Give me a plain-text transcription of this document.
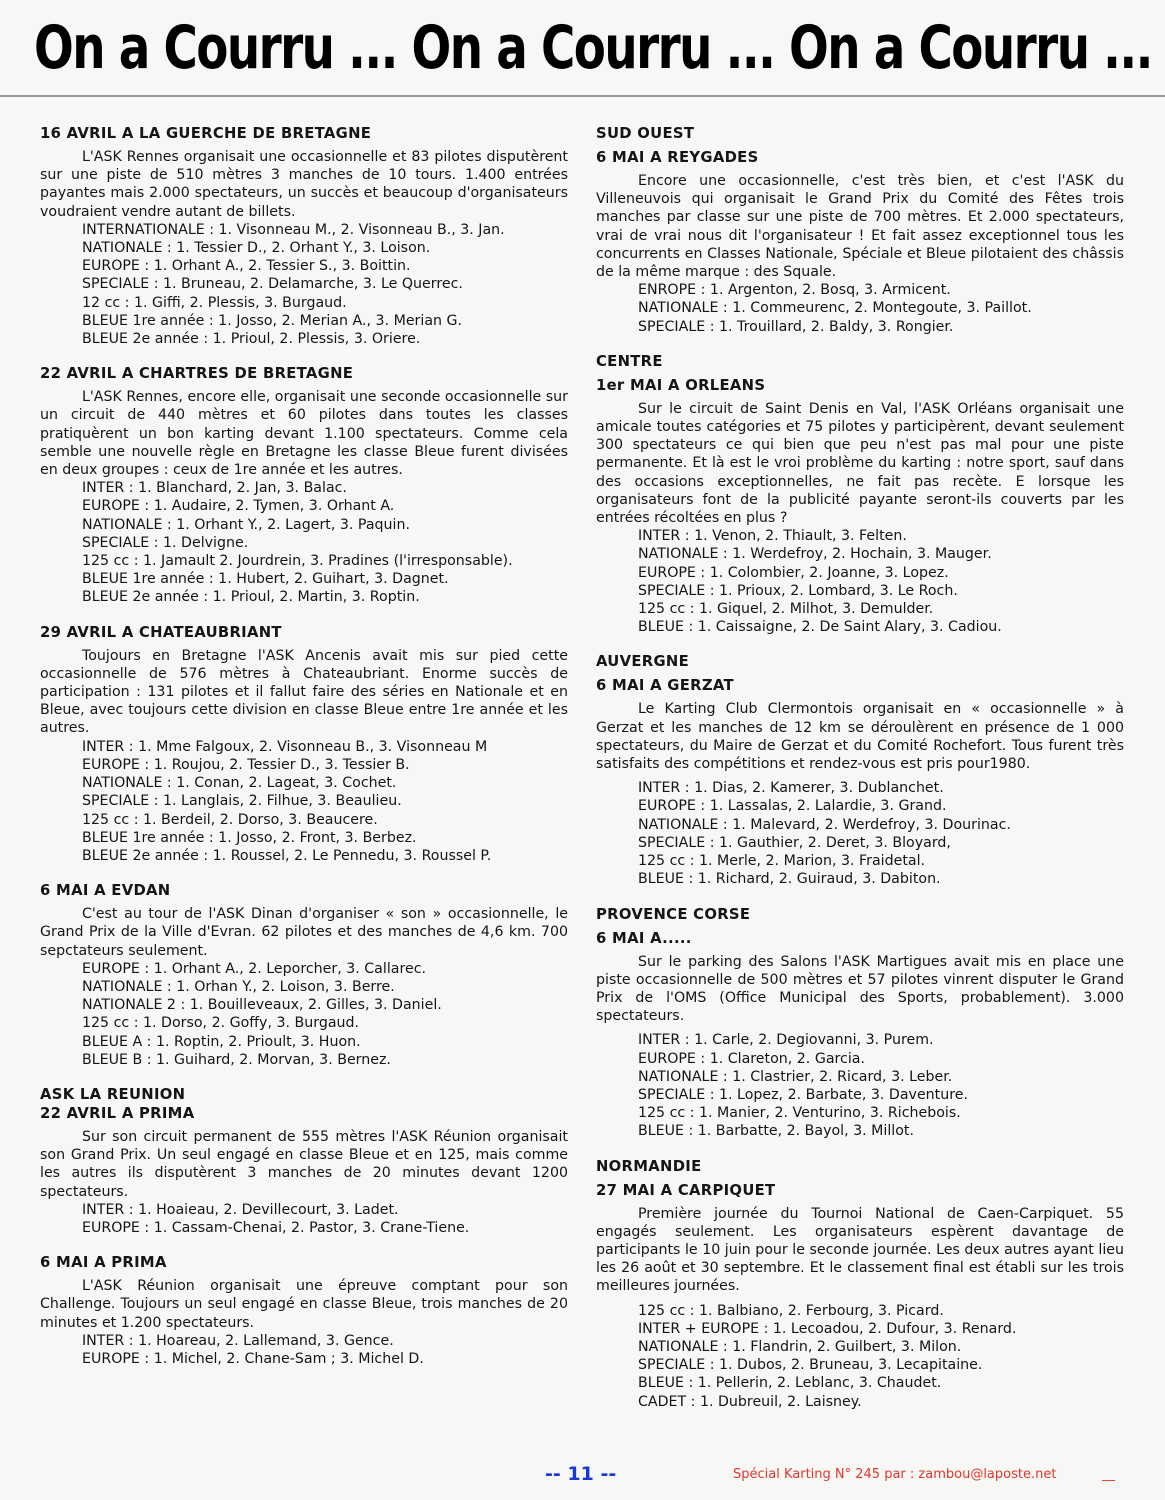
On a Courru ... On a Courru ... On a Courru ...
16 AVRIL A LA GUERCHE DE BRETAGNE

L'ASK Rennes organisait une occasionnelle et 83 pilotes disputèrent sur une piste de 510 mètres 3 manches de 10 tours. 1.400 entrées payantes mais 2.000 spectateurs, un succès et beaucoup d'organisateurs voudraient vendre autant de billets.

INTERNATIONALE : 1. Visonneau M., 2. Visonneau B., 3. Jan.

NATIONALE : 1. Tessier D., 2. Orhant Y., 3. Loison.

EUROPE : 1. Orhant A., 2. Tessier S., 3. Boittin.

SPECIALE : 1. Bruneau, 2. Delamarche, 3. Le Querrec.

12 cc : 1. Giffi, 2. Plessis, 3. Burgaud.

BLEUE 1re année : 1. Josso, 2. Merian A., 3. Merian G.

BLEUE 2e année : 1. Prioul, 2. Plessis, 3. Oriere.

22 AVRIL A CHARTRES DE BRETAGNE

L'ASK Rennes, encore elle, organisait une seconde occasionnelle sur un circuit de 440 mètres et 60 pilotes dans toutes les classes pratiquèrent un bon karting devant 1.100 spectateurs. Comme cela semble une nouvelle règle en Bretagne les classe Bleue furent divisées en deux groupes : ceux de 1re année et les autres.

INTER : 1. Blanchard, 2. Jan, 3. Balac.

EUROPE : 1. Audaire, 2. Tymen, 3. Orhant A.

NATIONALE : 1. Orhant Y., 2. Lagert, 3. Paquin.

SPECIALE : 1. Delvigne.

125 cc : 1. Jamault 2. Jourdrein, 3. Pradines (l'irresponsable).

BLEUE 1re année : 1. Hubert, 2. Guihart, 3. Dagnet.

BLEUE 2e année : 1. Prioul, 2. Martin, 3. Roptin.

29 AVRIL A CHATEAUBRIANT

Toujours en Bretagne l'ASK Ancenis avait mis sur pied cette occasionnelle de 576 mètres à Chateaubriant. Enorme succès de participation : 131 pilotes et il fallut faire des séries en Nationale et en Bleue, avec toujours cette division en classe Bleue entre 1re année et les autres.

INTER : 1. Mme Falgoux, 2. Visonneau B., 3. Visonneau M

EUROPE : 1. Roujou, 2. Tessier D., 3. Tessier B.

NATIONALE : 1. Conan, 2. Lageat, 3. Cochet.

SPECIALE : 1. Langlais, 2. Filhue, 3. Beaulieu.

125 cc : 1. Berdeil, 2. Dorso, 3. Beaucere.

BLEUE 1re année : 1. Josso, 2. Front, 3. Berbez.

BLEUE 2e année : 1. Roussel, 2. Le Pennedu, 3. Roussel P.

6 MAI A EVDAN

C'est au tour de l'ASK Dinan d'organiser « son » occasionnelle, le Grand Prix de la Ville d'Evran. 62 pilotes et des manches de 4,6 km. 700 sepctateurs seulement.

EUROPE : 1. Orhant A., 2. Leporcher, 3. Callarec.

NATIONALE : 1. Orhan Y., 2. Loison, 3. Berre.

NATIONALE 2 : 1. Bouilleveaux, 2. Gilles, 3. Daniel.

125 cc : 1. Dorso, 2. Goffy, 3. Burgaud.

BLEUE A : 1. Roptin, 2. Prioult, 3. Huon.

BLEUE B : 1. Guihard, 2. Morvan, 3. Bernez.

ASK LA REUNION
22 AVRIL A PRIMA

Sur son circuit permanent de 555 mètres l'ASK Réunion organisait son Grand Prix. Un seul engagé en classe Bleue et en 125, mais comme les autres ils disputèrent 3 manches de 20 minutes devant 1200 spectateurs.

INTER : 1. Hoaieau, 2. Devillecourt, 3. Ladet.

EUROPE : 1. Cassam-Chenai, 2. Pastor, 3. Crane-Tiene.

6 MAI A PRIMA

L'ASK Réunion organisait une épreuve comptant pour son Challenge. Toujours un seul engagé en classe Bleue, trois manches de 20 minutes et 1.200 spectateurs.

INTER : 1. Hoareau, 2. Lallemand, 3. Gence.

EUROPE : 1. Michel, 2. Chane-Sam ; 3. Michel D.

SUD OUEST
6 MAI A REYGADES

Encore une occasionnelle, c'est très bien, et c'est l'ASK du Villeneuvois qui organisait le Grand Prix du Comité des Fêtes trois manches par classe sur une piste de 700 mètres. Et 2.000 spectateurs, vrai de vrai nous dit l'organisateur ! Et fait assez exceptionnel tous les concurrents en Classes Nationale, Spéciale et Bleue pilotaient des châssis de la même marque : des Squale.

ENROPE : 1. Argenton, 2. Bosq, 3. Armicent.

NATIONALE : 1. Commeurenc, 2. Montegoute, 3. Paillot.

SPECIALE : 1. Trouillard, 2. Baldy, 3. Rongier.

CENTRE
1er MAI A ORLEANS

Sur le circuit de Saint Denis en Val, l'ASK Orléans organisait une amicale toutes catégories et 75 pilotes y participèrent, devant seulement 300 spectateurs ce qui bien que peu n'est pas mal pour une piste permanente. Et là est le vroi problème du karting : notre sport, sauf dans des occasions exceptionnelles, ne fait pas recète. E lorsque les organisateurs font de la publicité payante seront-ils couverts par les entrées récoltées en plus ?

INTER : 1. Venon, 2. Thiault, 3. Felten.

NATIONALE : 1. Werdefroy, 2. Hochain, 3. Mauger.

EUROPE : 1. Colombier, 2. Joanne, 3. Lopez.

SPECIALE : 1. Prioux, 2. Lombard, 3. Le Roch.

125 cc : 1. Giquel, 2. Milhot, 3. Demulder.

BLEUE : 1. Caissaigne, 2. De Saint Alary, 3. Cadiou.

AUVERGNE
6 MAI A GERZAT

Le Karting Club Clermontois organisait en « occasionnelle » à Gerzat et les manches de 12 km se déroulèrent en présence de 1 000 spectateurs, du Maire de Gerzat et du Comité Rochefort. Tous furent très satisfaits des compétitions et rendez-vous est pris pour1980.

INTER : 1. Dias, 2. Kamerer, 3. Dublanchet.

EUROPE : 1. Lassalas, 2. Lalardie, 3. Grand.

NATIONALE : 1. Malevard, 2. Werdefroy, 3. Dourinac.

SPECIALE : 1. Gauthier, 2. Deret, 3. Bloyard,

125 cc : 1. Merle, 2. Marion, 3. Fraidetal.

BLEUE : 1. Richard, 2. Guiraud, 3. Dabiton.

PROVENCE CORSE
6 MAI A.....

Sur le parking des Salons l'ASK Martigues avait mis en place une piste occasionnelle de 500 mètres et 57 pilotes vinrent disputer le Grand Prix de l'OMS (Office Municipal des Sports, probablement). 3.000 spectateurs.

INTER : 1. Carle, 2. Degiovanni, 3. Purem.

EUROPE : 1. Clareton, 2. Garcia.

NATIONALE : 1. Clastrier, 2. Ricard, 3. Leber.

SPECIALE : 1. Lopez, 2. Barbate, 3. Daventure.

125 cc : 1. Manier, 2. Venturino, 3. Richebois.

BLEUE : 1. Barbatte, 2. Bayol, 3. Millot.

NORMANDIE
27 MAI A CARPIQUET

Première journée du Tournoi National de Caen-Carpiquet. 55 engagés seulement. Les organisateurs espèrent davantage de participants le 10 juin pour le seconde journée. Les deux autres ayant lieu les 26 août et 30 septembre. Et le classement final est établi sur les trois meilleures journées.

125 cc : 1. Balbiano, 2. Ferbourg, 3. Picard.

INTER + EUROPE : 1. Lecoadou, 2. Dufour, 3. Renard.

NATIONALE : 1. Flandrin, 2. Guilbert, 3. Milon.

SPECIALE : 1. Dubos, 2. Bruneau, 3. Lecapitaine.

BLEUE : 1. Pellerin, 2. Leblanc, 3. Chaudet.

CADET : 1. Dubreuil, 2. Laisney.

-- 11 --	Spécial Karting N° 245 par : zambou@laposte.net	__
